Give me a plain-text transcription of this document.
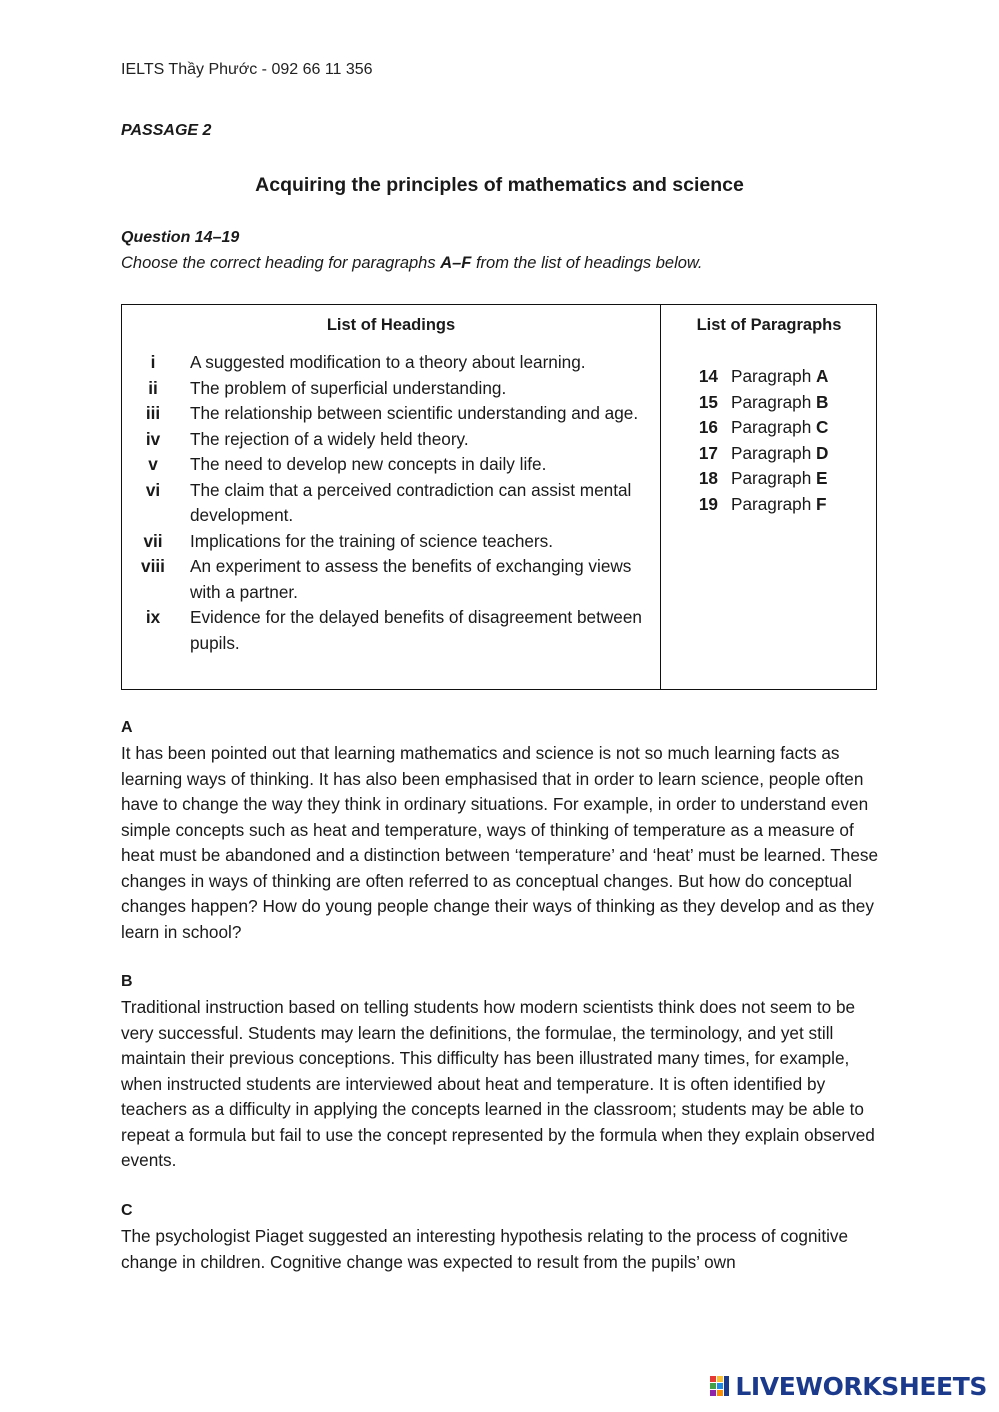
IELTS Thầy Phước - 092 66 11 356
PASSAGE 2
Acquiring the principles of mathematics and science
Question 14–19
Choose the correct heading for paragraphs A–F from the list of headings below.
List of Headings
i	A suggested modification to a theory about learning.
ii	The problem of superficial understanding.
iii	The relationship between scientific understanding and age.
iv	The rejection of a widely held theory.
v	The need to develop new concepts in daily life.
vi	The claim that a perceived contradiction can assist mental development.
vii	Implications for the training of science teachers.
viii	An experiment to assess the benefits of exchanging views with a partner.
ix	Evidence for the delayed benefits of disagreement between pupils.
List of Paragraphs
14 Paragraph A
15 Paragraph B
16 Paragraph C
17 Paragraph D
18 Paragraph E
19 Paragraph F
A

It has been pointed out that learning mathematics and science is not so much learning facts as learning ways of thinking. It has also been emphasised that in order to learn science, people often have to change the way they think in ordinary situations. For example, in order to understand even simple concepts such as heat and temperature, ways of thinking of temperature as a measure of heat must be abandoned and a distinction between ‘temperature’ and ‘heat’ must be learned. These changes in ways of thinking are often referred to as conceptual changes. But how do conceptual changes happen? How do young people change their ways of thinking as they develop and as they learn in school?

B

Traditional instruction based on telling students how modern scientists think does not seem to be very successful. Students may learn the definitions, the formulae, the terminology, and yet still maintain their previous conceptions. This difficulty has been illustrated many times, for example, when instructed students are interviewed about heat and temperature. It is often identified by teachers as a difficulty in applying the concepts learned in the classroom; students may be able to repeat a formula but fail to use the concept represented by the formula when they explain observed events.

C

The psychologist Piaget suggested an interesting hypothesis relating to the process of cognitive change in children. Cognitive change was expected to result from the pupils’ own

LIVEWORKSHEETS
